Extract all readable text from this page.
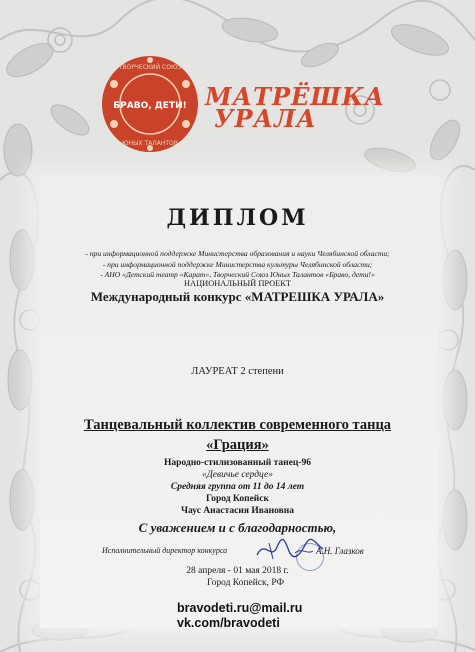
ТВОРЧЕСКИЙ СОЮЗ
ЮНЫХ ТАЛАНТОВ
БРАВО, ДЕТИ! МАТРЁШКА
УРАЛА
ДИПЛОМ
- при информационной поддержке Министерства образования и науки Челябинской области;
- при информационной поддержке Министерства культуры Челябинской области;
- АНО «Детский театр «Карат», Творческий Союз Юных Талантов «Браво, дети!»
НАЦИОНАЛЬНЫЙ ПРОЕКТ
Международный конкурс «МАТРЕШКА УРАЛА»
ЛАУРЕАТ 2 степени
Танцевальный коллектив современного танца
«Грация»
Народно-стилизованный танец-96
«Девичье сердце»
Средняя группа от 11 до 14 лет
Город Копейск
Чаус Анастасия Ивановна
С уважением и с благодарностью,
Исполнительный директор конкурса	А.Н. Глазков
28 апреля - 01 мая 2018 г.
Город Копейск, РФ
bravodeti.ru@mail.ru
vk.com/bravodeti
